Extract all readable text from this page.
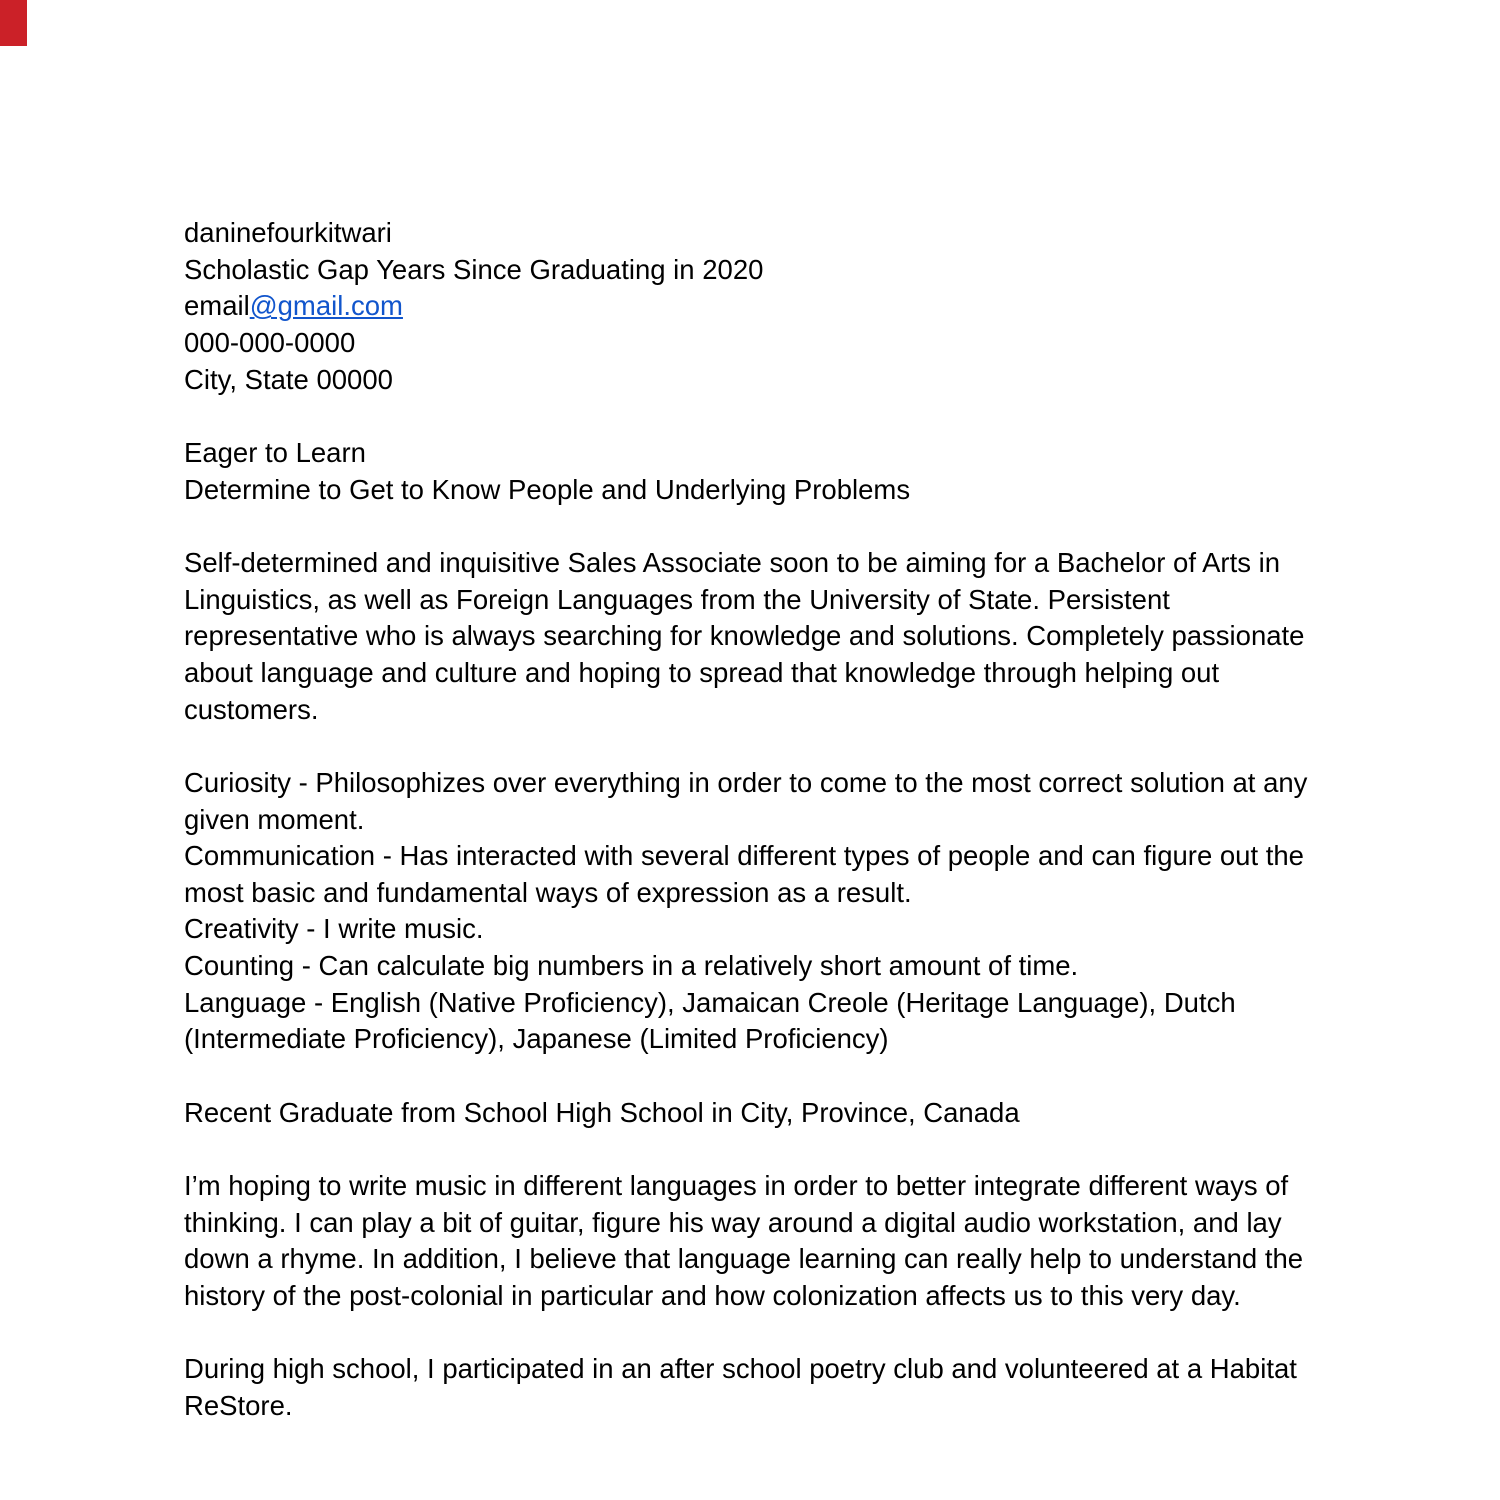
daninefourkitwari
Scholastic Gap Years Since Graduating in 2020
email@gmail.com
000-000-0000
City, State 00000
Eager to Learn
Determine to Get to Know People and Underlying Problems
Self-determined and inquisitive Sales Associate soon to be aiming for a Bachelor of Arts in
Linguistics, as well as Foreign Languages from the University of State. Persistent
representative who is always searching for knowledge and solutions. Completely passionate
about language and culture and hoping to spread that knowledge through helping out
customers.
Curiosity - Philosophizes over everything in order to come to the most correct solution at any
given moment.
Communication - Has interacted with several different types of people and can figure out the
most basic and fundamental ways of expression as a result.
Creativity - I write music.
Counting - Can calculate big numbers in a relatively short amount of time.
Language - English (Native Proficiency), Jamaican Creole (Heritage Language), Dutch
(Intermediate Proficiency), Japanese (Limited Proficiency)
Recent Graduate from School High School in City, Province, Canada
I’m hoping to write music in different languages in order to better integrate different ways of
thinking. I can play a bit of guitar, figure his way around a digital audio workstation, and lay
down a rhyme. In addition, I believe that language learning can really help to understand the
history of the post-colonial in particular and how colonization affects us to this very day.
During high school, I participated in an after school poetry club and volunteered at a Habitat
ReStore.
